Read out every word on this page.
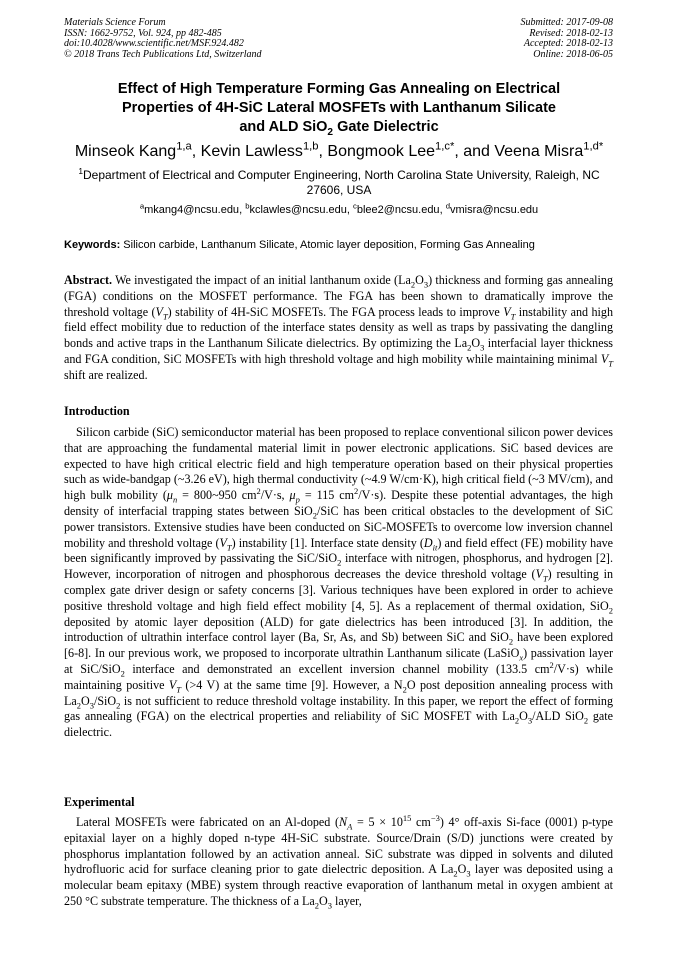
Materials Science Forum
ISSN: 1662-9752, Vol. 924, pp 482-485
doi:10.4028/www.scientific.net/MSF.924.482
© 2018 Trans Tech Publications Ltd, Switzerland
Submitted: 2017-09-08
Revised: 2018-02-13
Accepted: 2018-02-13
Online: 2018-06-05
Effect of High Temperature Forming Gas Annealing on Electrical
Properties of 4H-SiC Lateral MOSFETs with Lanthanum Silicate
and ALD SiO$_2$ Gate Dielectric
Minseok Kang$^{1,a}$, Kevin Lawless$^{1,b}$, Bongmook Lee$^{1,c*}$, and Veena Misra$^{1,d*}$
$^1$Department of Electrical and Computer Engineering, North Carolina State University, Raleigh, NC 27606, USA
$^a$mkang4@ncsu.edu, $^b$kclawles@ncsu.edu, $^c$blee2@ncsu.edu, $^d$vmisra@ncsu.edu
Keywords: Silicon carbide, Lanthanum Silicate, Atomic layer deposition, Forming Gas Annealing

Abstract. We investigated the impact of an initial lanthanum oxide $(La_2O_3)$ thickness and forming gas annealing (FGA) conditions on the MOSFET performance. The FGA has been shown to dramatically improve the threshold voltage $(V_T)$ stability of 4H-SiC MOSFETs. The FGA process leads to improve $V_T$ instability and high field effect mobility due to reduction of the interface states density as well as traps by passivating the dangling bonds and active traps in the Lanthanum Silicate dielectrics. By optimizing the $La_2O_3$ interfacial layer thickness and FGA condition, SiC MOSFETs with high threshold voltage and high mobility while maintaining minimal $V_T$ shift are realized.

Introduction

Silicon carbide (SiC) semiconductor material has been proposed to replace conventional silicon power devices that are approaching the fundamental material limit in power electronic applications. SiC based devices are expected to have high critical electric field and high temperature operation based on their physical properties such as wide-bandgap (~3.26 eV), high thermal conductivity (~4.9 W/cm·K), high critical field (~3 MV/cm), and high bulk mobility ($\mu_n$ = 800~950 $cm^2/V\cdot s$, $\mu_p = 115$ $cm^2/V\cdot s$). Despite these potential advantages, the high density of interfacial trapping states between SiO$_2$/SiC has been critical obstacles to the development of SiC power transistors. Extensive studies have been conducted on SiC-MOSFETs to overcome low inversion channel mobility and threshold voltage $(V_T)$ instability [1]. Interface state density $(D_{it})$ and field effect (FE) mobility have been significantly improved by passivating the SiC/SiO$_2$ interface with nitrogen, phosphorus, and hydrogen [2]. However, incorporation of nitrogen and phosphorous decreases the device threshold voltage $(V_T)$ resulting in complex gate driver design or safety concerns [3]. Various techniques have been explored in order to achieve positive threshold voltage and high field effect mobility [4, 5]. As a replacement of thermal oxidation, SiO$_2$ deposited by atomic layer deposition (ALD) for gate dielectrics has been introduced [3]. In addition, the introduction of ultrathin interface control layer (Ba, Sr, As, and Sb) between SiC and SiO$_2$ have been explored [6-8]. In our previous work, we proposed to incorporate ultrathin Lanthanum silicate (LaSiO$_x$) passivation layer at SiC/SiO$_2$ interface and demonstrated an excellent inversion channel mobility (133.5 $cm^2/V\cdot s$) while maintaining positive $V_T$ (>4 V) at the same time [9]. However, a $N_2O$ post deposition annealing process with $La_2O_3/SiO_2$ is not sufficient to reduce threshold voltage instability. In this paper, we report the effect of forming gas annealing (FGA) on the electrical properties and reliability of SiC MOSFET with $La_2O_3$/ALD SiO$_2$ gate dielectric.

Experimental

Lateral MOSFETs were fabricated on an Al-doped ($N_A = 5 \times 10^{15}$ $cm^{-3}$) 4° off-axis Si-face (0001) p-type epitaxial layer on a highly doped n-type 4H-SiC substrate. Source/Drain (S/D) junctions were created by phosphorus implantation followed by an activation anneal. SiC substrate was dipped in solvents and diluted hydrofluoric acid for surface cleaning prior to gate dielectric deposition. A $La_2O_3$ layer was deposited using a molecular beam epitaxy (MBE) system through reactive evaporation of lanthanum metal in oxygen ambient at 250 °C substrate temperature. The thickness of a $La_2O_3$ layer,
